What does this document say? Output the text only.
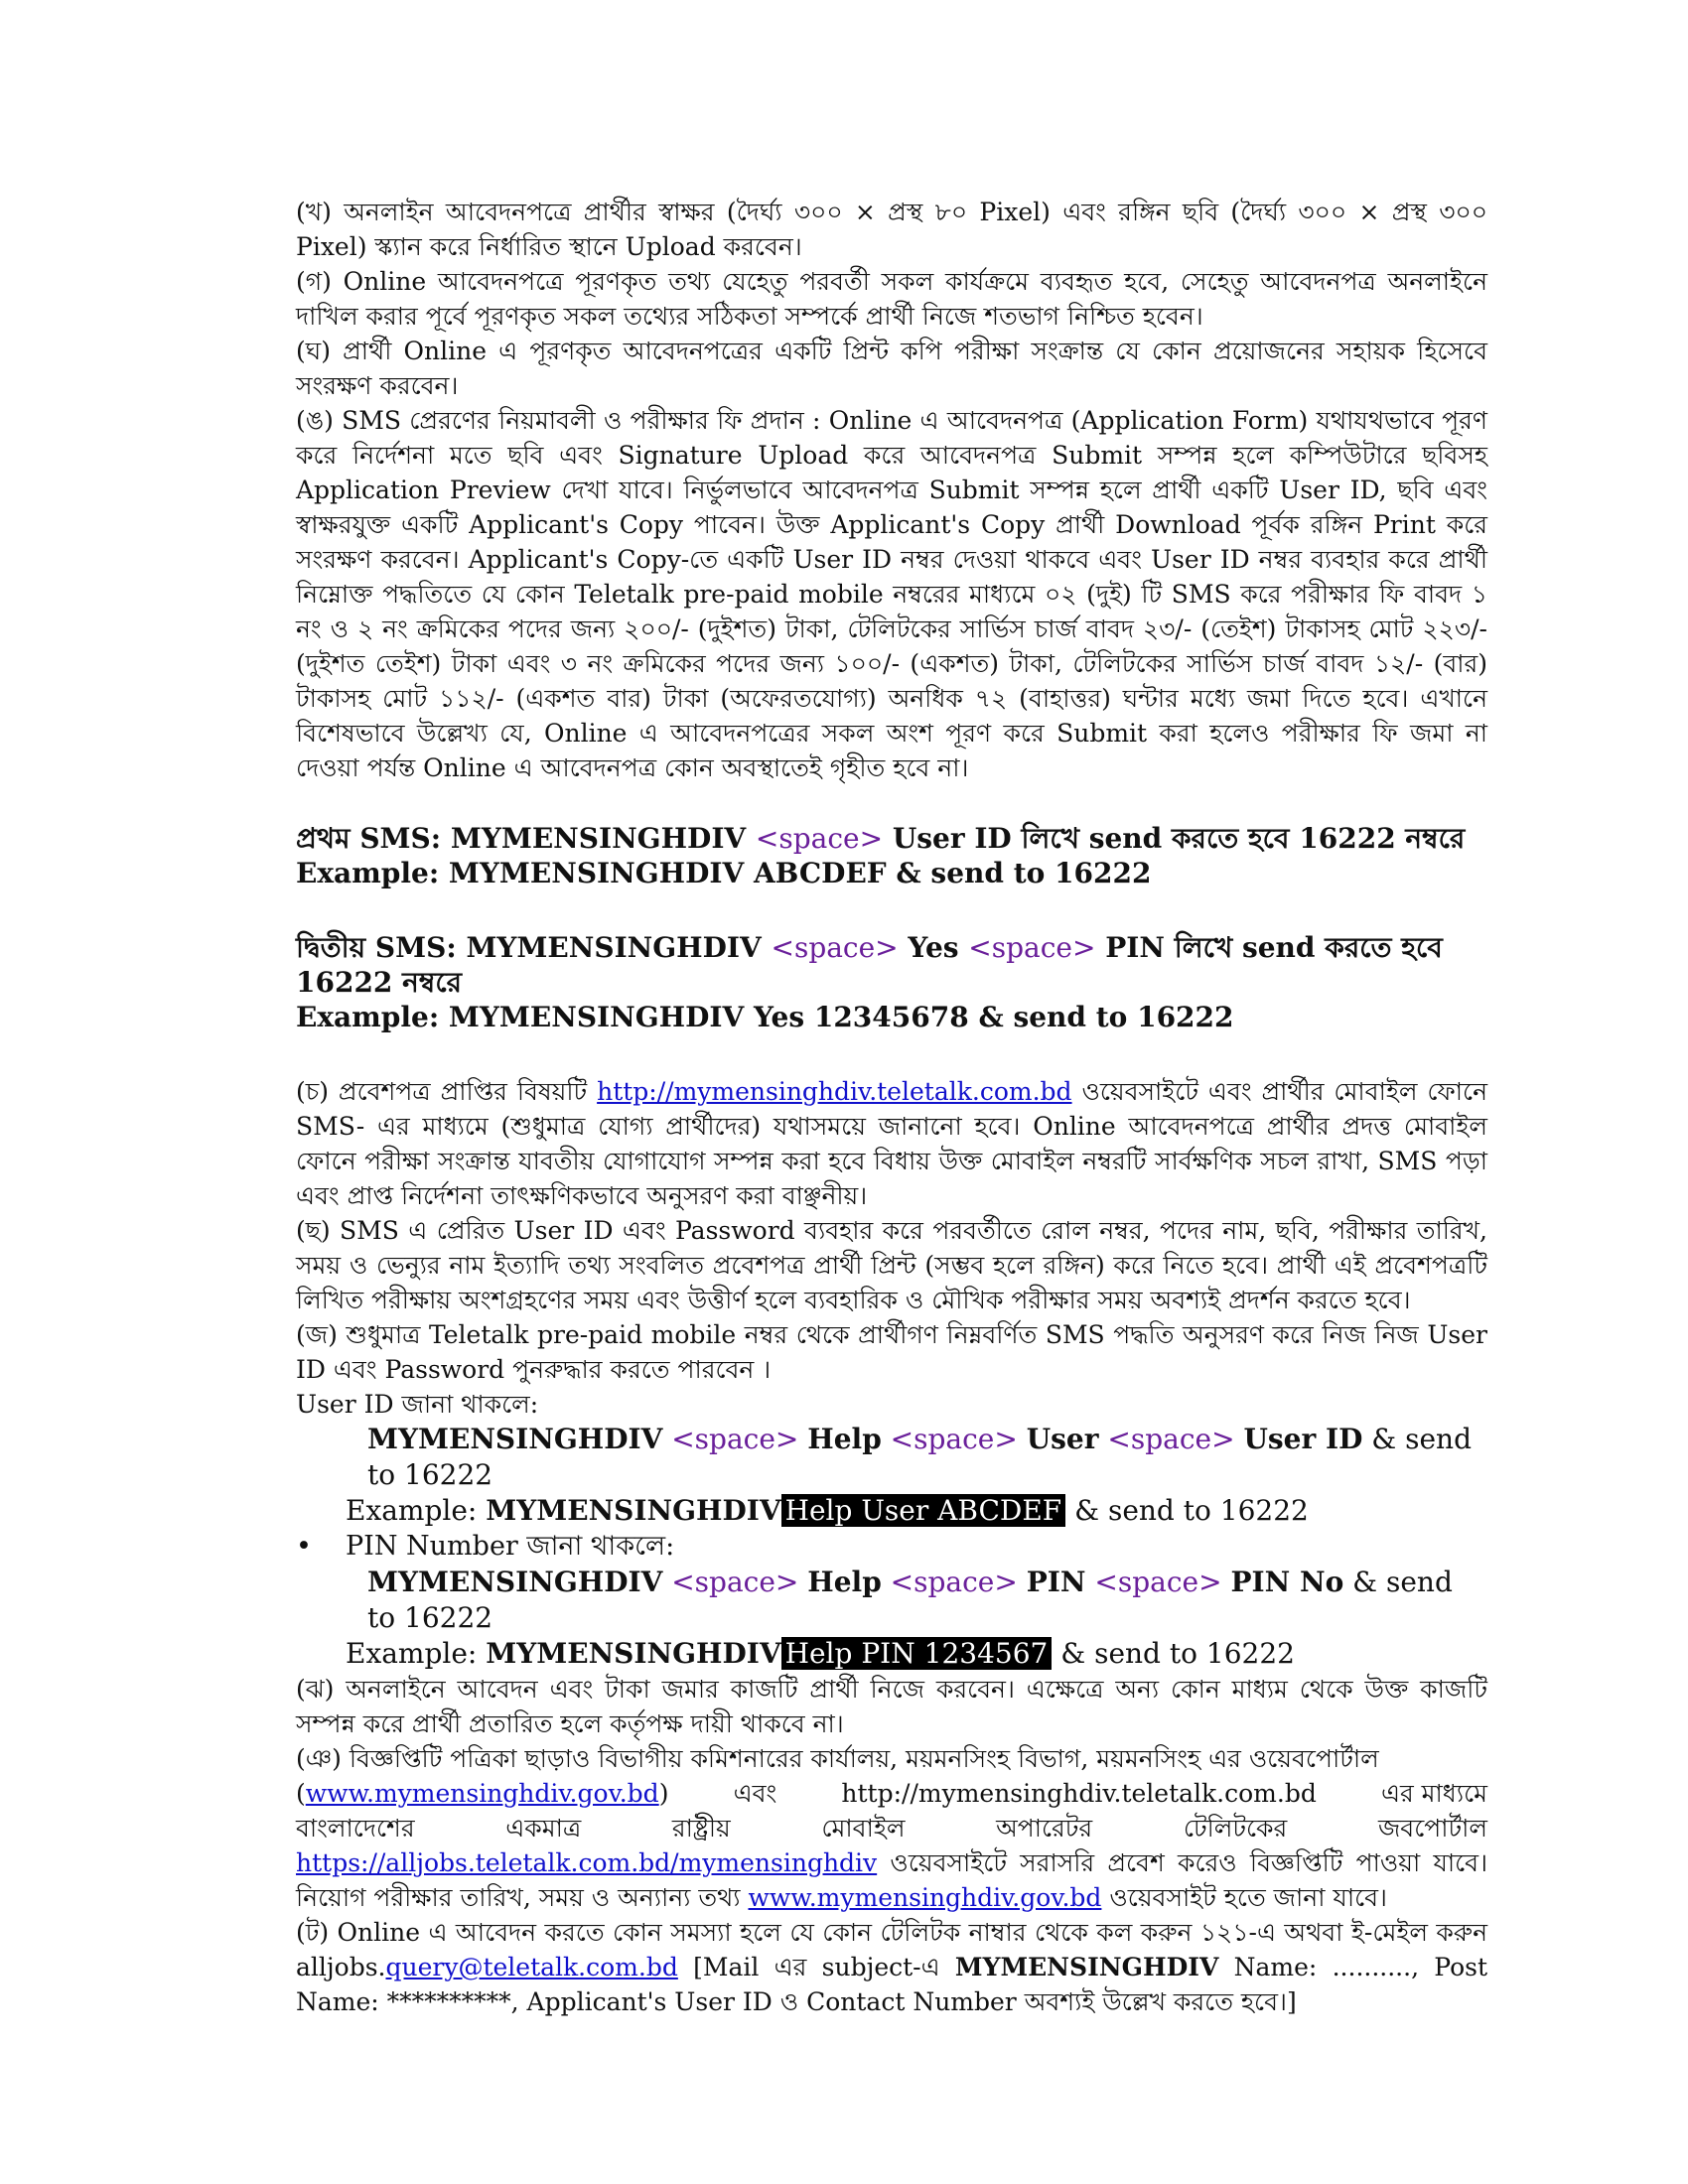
(খ) অনলাইন আবেদনপত্রে প্রার্থীর স্বাক্ষর (দৈর্ঘ্য ৩০০ × প্রস্থ ৮০ Pixel) এবং রঙ্গিন ছবি (দৈর্ঘ্য ৩০০ × প্রস্থ ৩০০ Pixel) স্ক্যান করে নির্ধারিত স্থানে Upload করবেন।

(গ) Online আবেদনপত্রে পূরণকৃত তথ্য যেহেতু পরবর্তী সকল কার্যক্রমে ব্যবহৃত হবে, সেহেতু আবেদনপত্র অনলাইনে দাখিল করার পূর্বে পূরণকৃত সকল তথ্যের সঠিকতা সম্পর্কে প্রার্থী নিজে শতভাগ নিশ্চিত হবেন।

(ঘ) প্রার্থী Online এ পূরণকৃত আবেদনপত্রের একটি প্রিন্ট কপি পরীক্ষা সংক্রান্ত যে কোন প্রয়োজনের সহায়ক হিসেবে সংরক্ষণ করবেন।

(ঙ) SMS প্রেরণের নিয়মাবলী ও পরীক্ষার ফি প্রদান : Online এ আবেদনপত্র (Application Form) যথাযথভাবে পূরণ করে নির্দেশনা মতে ছবি এবং Signature Upload করে আবেদনপত্র Submit সম্পন্ন হলে কম্পিউটারে ছবিসহ Application Preview দেখা যাবে। নির্ভুলভাবে আবেদনপত্র Submit সম্পন্ন হলে প্রার্থী একটি User ID, ছবি এবং স্বাক্ষরযুক্ত একটি Applicant's Copy পাবেন। উক্ত Applicant's Copy প্রার্থী Download পূর্বক রঙ্গিন Print করে সংরক্ষণ করবেন। Applicant's Copy-তে একটি User ID নম্বর দেওয়া থাকবে এবং User ID নম্বর ব্যবহার করে প্রার্থী নিম্নোক্ত পদ্ধতিতে যে কোন Teletalk pre-paid mobile নম্বরের মাধ্যমে ০২ (দুই) টি SMS করে পরীক্ষার ফি বাবদ ১ নং ও ২ নং ক্রমিকের পদের জন্য ২০০/- (দুইশত) টাকা, টেলিটকের সার্ভিস চার্জ বাবদ ২৩/- (তেইশ) টাকাসহ মোট ২২৩/- (দুইশত তেইশ) টাকা এবং ৩ নং ক্রমিকের পদের জন্য ১০০/- (একশত) টাকা, টেলিটকের সার্ভিস চার্জ বাবদ ১২/- (বার) টাকাসহ মোট ১১২/- (একশত বার) টাকা (অফেরতযোগ্য) অনধিক ৭২ (বাহাত্তর) ঘন্টার মধ্যে জমা দিতে হবে। এখানে বিশেষভাবে উল্লেখ্য যে, Online এ আবেদনপত্রের সকল অংশ পূরণ করে Submit করা হলেও পরীক্ষার ফি জমা না দেওয়া পর্যন্ত Online এ আবেদনপত্র কোন অবস্থাতেই গৃহীত হবে না।

প্রথম SMS: MYMENSINGHDIV <space> User ID লিখে send করতে হবে 16222 নম্বরে

Example: MYMENSINGHDIV ABCDEF & send to 16222

দ্বিতীয় SMS: MYMENSINGHDIV <space> Yes <space> PIN লিখে send করতে হবে 16222 নম্বরে

Example: MYMENSINGHDIV Yes 12345678 & send to 16222

(চ) প্রবেশপত্র প্রাপ্তির বিষয়টি http://mymensinghdiv.teletalk.com.bd ওয়েবসাইটে এবং প্রার্থীর মোবাইল ফোনে SMS- এর মাধ্যমে (শুধুমাত্র যোগ্য প্রার্থীদের) যথাসময়ে জানানো হবে। Online আবেদনপত্রে প্রার্থীর প্রদত্ত মোবাইল ফোনে পরীক্ষা সংক্রান্ত যাবতীয় যোগাযোগ সম্পন্ন করা হবে বিধায় উক্ত মোবাইল নম্বরটি সার্বক্ষণিক সচল রাখা, SMS পড়া এবং প্রাপ্ত নির্দেশনা তাৎক্ষণিকভাবে অনুসরণ করা বাঞ্ছনীয়।

(ছ) SMS এ প্রেরিত User ID এবং Password ব্যবহার করে পরবর্তীতে রোল নম্বর, পদের নাম, ছবি, পরীক্ষার তারিখ, সময় ও ভেন্যুর নাম ইত্যাদি তথ্য সংবলিত প্রবেশপত্র প্রার্থী প্রিন্ট (সম্ভব হলে রঙ্গিন) করে নিতে হবে। প্রার্থী এই প্রবেশপত্রটি লিখিত পরীক্ষায় অংশগ্রহণের সময় এবং উত্তীর্ণ হলে ব্যবহারিক ও মৌখিক পরীক্ষার সময় অবশ্যই প্রদর্শন করতে হবে।

(জ) শুধুমাত্র Teletalk pre-paid mobile নম্বর থেকে প্রার্থীগণ নিম্নবর্ণিত SMS পদ্ধতি অনুসরণ করে নিজ নিজ User ID এবং Password পুনরুদ্ধার করতে পারবেন ।

User ID জানা থাকলে:

MYMENSINGHDIV <space> Help <space> User <space> User ID & send to 16222

Example: MYMENSINGHDIV Help User ABCDEF & send to 16222

•	PIN Number জানা থাকলে:

MYMENSINGHDIV <space> Help <space> PIN <space> PIN No & send to 16222

Example: MYMENSINGHDIV Help PIN 1234567 & send to 16222

(ঝ) অনলাইনে আবেদন এবং টাকা জমার কাজটি প্রার্থী নিজে করবেন। এক্ষেত্রে অন্য কোন মাধ্যম থেকে উক্ত কাজটি সম্পন্ন করে প্রার্থী প্রতারিত হলে কর্তৃপক্ষ দায়ী থাকবে না।

(ঞ) বিজ্ঞপ্তিটি পত্রিকা ছাড়াও বিভাগীয় কমিশনারের কার্যালয়, ময়মনসিংহ বিভাগ, ময়মনসিংহ এর ওয়েবপোর্টাল

(www.mymensinghdiv.gov.bd)	এবং	http://mymensinghdiv.teletalk.com.bd	এর মাধ্যমে

বাংলাদেশের	একমাত্র	রাষ্ট্রীয়	মোবাইল	অপারেটর	টেলিটকের	জবপোর্টাল

https://alljobs.teletalk.com.bd/mymensinghdiv ওয়েবসাইটে সরাসরি প্রবেশ করেও বিজ্ঞপ্তিটি পাওয়া যাবে। নিয়োগ পরীক্ষার তারিখ, সময় ও অন্যান্য তথ্য www.mymensinghdiv.gov.bd ওয়েবসাইট হতে জানা যাবে।

(ট) Online এ আবেদন করতে কোন সমস্যা হলে যে কোন টেলিটক নাম্বার থেকে কল করুন ১২১-এ অথবা ই-মেইল করুন alljobs.query@teletalk.com.bd [Mail এর subject-এ MYMENSINGHDIV Name: .........., Post Name: **********, Applicant's User ID ও Contact Number অবশ্যই উল্লেখ করতে হবে।]
